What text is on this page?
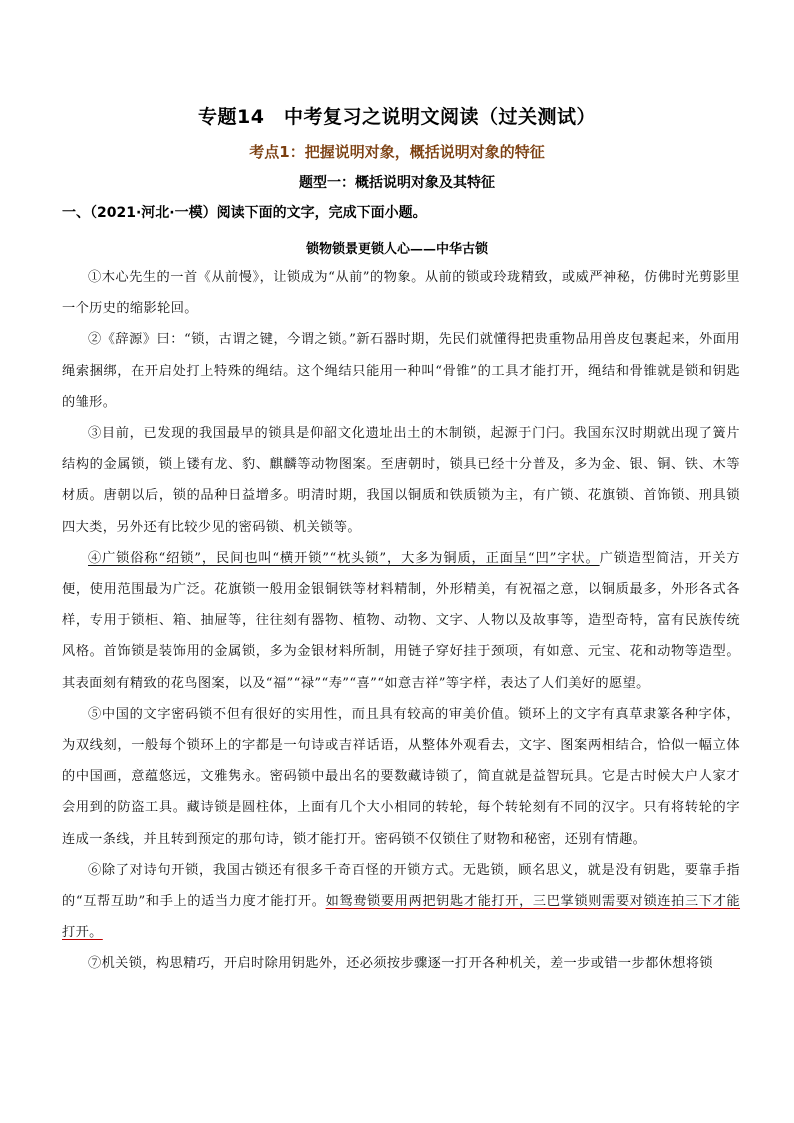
专题14　中考复习之说明文阅读（过关测试）
考点1：把握说明对象，概括说明对象的特征
题型一：概括说明对象及其特征
一、（2021·河北·一模）阅读下面的文字，完成下面小题。
锁物锁景更锁人心——中华古锁

①木心先生的一首《从前慢》，让锁成为“从前”的物象。从前的锁或玲珑精致，或威严神秘，仿佛时光剪影里一个历史的缩影轮回。

②《辞源》曰：“锁，古谓之键，今谓之锁。”新石器时期，先民们就懂得把贵重物品用兽皮包裹起来，外面用绳索捆绑，在开启处打上特殊的绳结。这个绳结只能用一种叫“骨锥”的工具才能打开，绳结和骨锥就是锁和钥匙的雏形。

③目前，已发现的我国最早的锁具是仰韶文化遗址出土的木制锁，起源于门闩。我国东汉时期就出现了簧片结构的金属锁，锁上镂有龙、豹、麒麟等动物图案。至唐朝时，锁具已经十分普及，多为金、银、铜、铁、木等材质。唐朝以后，锁的品种日益增多。明清时期，我国以铜质和铁质锁为主，有广锁、花旗锁、首饰锁、刑具锁四大类，另外还有比较少见的密码锁、机关锁等。

④广锁俗称“绍锁”，民间也叫“横开锁”“枕头锁”，大多为铜质，正面呈“凹”字状。广锁造型简洁，开关方便，使用范围最为广泛。花旗锁一般用金银铜铁等材料精制，外形精美，有祝福之意，以铜质最多，外形各式各样，专用于锁柜、箱、抽屉等，往往刻有器物、植物、动物、文字、人物以及故事等，造型奇特，富有民族传统风格。首饰锁是装饰用的金属锁，多为金银材料所制，用链子穿好挂于颈项，有如意、元宝、花和动物等造型。其表面刻有精致的花鸟图案，以及“福”“禄”“寿”“喜”“如意吉祥”等字样，表达了人们美好的愿望。

⑤中国的文字密码锁不但有很好的实用性，而且具有较高的审美价值。锁环上的文字有真草隶篆各种字体，为双线刻，一般每个锁环上的字都是一句诗或吉祥话语，从整体外观看去，文字、图案两相结合，恰似一幅立体的中国画，意蕴悠远，文雅隽永。密码锁中最出名的要数藏诗锁了，简直就是益智玩具。它是古时候大户人家才会用到的防盗工具。藏诗锁是圆柱体，上面有几个大小相同的转轮，每个转轮刻有不同的汉字。只有将转轮的字连成一条线，并且转到预定的那句诗，锁才能打开。密码锁不仅锁住了财物和秘密，还别有情趣。

⑥除了对诗句开锁，我国古锁还有很多千奇百怪的开锁方式。无匙锁，顾名思义，就是没有钥匙，要靠手指的“互帮互助”和手上的适当力度才能打开。如鸳鸯锁要用两把钥匙才能打开，三巴掌锁则需要对锁连拍三下才能打开。

⑦机关锁，构思精巧，开启时除用钥匙外，还必须按步骤逐一打开各种机关，差一步或错一步都休想将锁
